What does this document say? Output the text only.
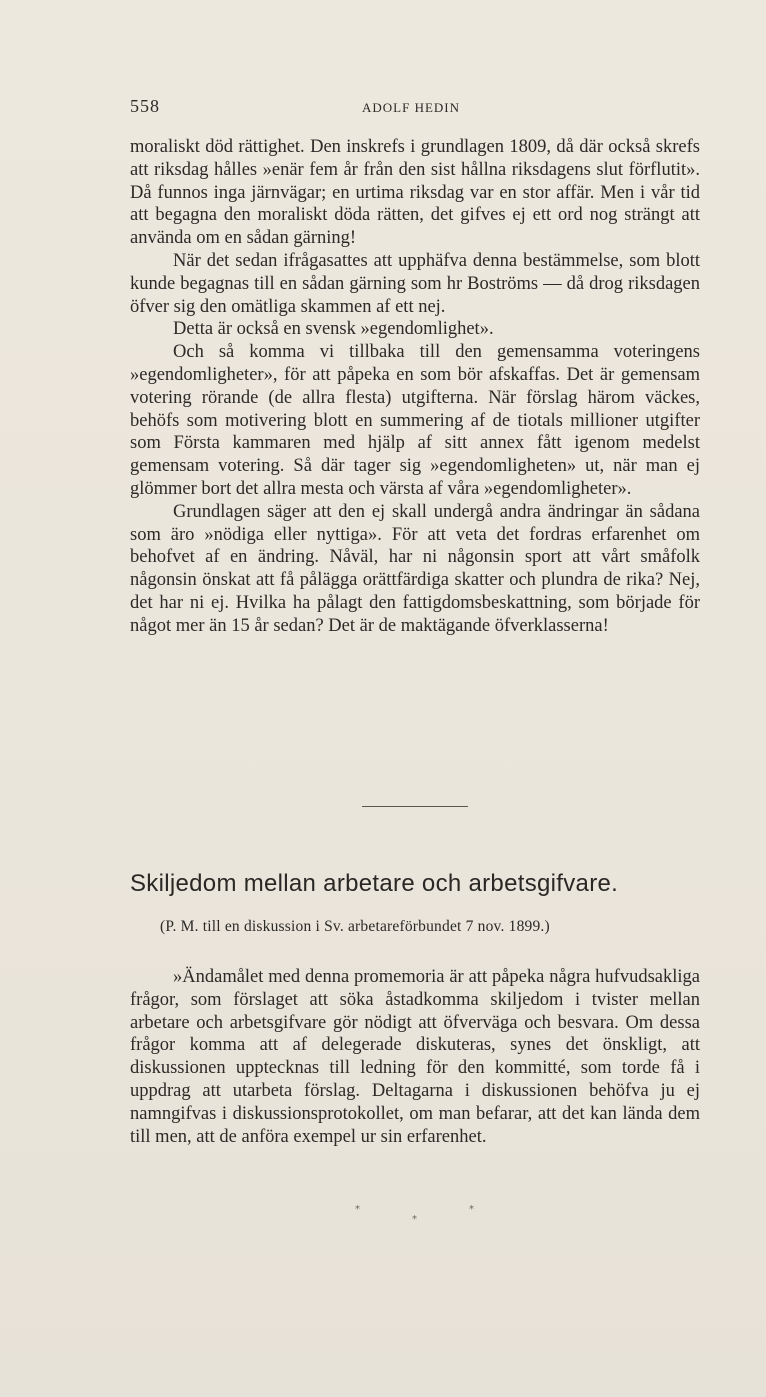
558	ADOLF HEDIN

moraliskt död rättighet. Den inskrefs i grundlagen 1809, då där också skrefs att riksdag hålles »enär fem år från den sist hållna riksdagens slut förflutit». Då funnos inga järnvägar; en urtima riksdag var en stor affär. Men i vår tid att begagna den moraliskt döda rätten, det gifves ej ett ord nog strängt att använda om en sådan gärning!

När det sedan ifrågasattes att upphäfva denna bestämmelse, som blott kunde begagnas till en sådan gärning som hr Boströms — då drog riksdagen öfver sig den omätliga skammen af ett nej.

Detta är också en svensk »egendomlighet».

Och så komma vi tillbaka till den gemensamma voteringens »egendomligheter», för att påpeka en som bör afskaffas. Det är gemensam votering rörande (de allra flesta) utgifterna. När förslag härom väckes, behöfs som motivering blott en summering af de tiotals millioner utgifter som Första kammaren med hjälp af sitt annex fått igenom medelst gemensam votering. Så där tager sig »egendomligheten» ut, när man ej glömmer bort det allra mesta och värsta af våra »egendomligheter».

Grundlagen säger att den ej skall undergå andra ändringar än sådana som äro »nödiga eller nyttiga». För att veta det fordras erfarenhet om behofvet af en ändring. Nåväl, har ni någonsin sport att vårt småfolk någonsin önskat att få pålägga orättfärdiga skatter och plundra de rika? Nej, det har ni ej. Hvilka ha pålagt den fattigdomsbeskattning, som började för något mer än 15 år sedan? Det är de maktägande öfverklasserna!

Skiljedom mellan arbetare och arbetsgifvare.
(P. M. till en diskussion i Sv. arbetareförbundet 7 nov. 1899.)

»Ändamålet med denna promemoria är att påpeka några hufvudsakliga frågor, som förslaget att söka åstadkomma skiljedom i tvister mellan arbetare och arbetsgifvare gör nödigt att öfverväga och besvara. Om dessa frågor komma att af delegerade diskuteras, synes det önskligt, att diskussionen upptecknas till ledning för den kommitté, som torde få i uppdrag att utarbeta förslag. Deltagarna i diskussionen behöfva ju ej namngifvas i diskussionsprotokollet, om man befarar, att det kan lända dem till men, att de anföra exempel ur sin erfarenhet.

*
*
*
